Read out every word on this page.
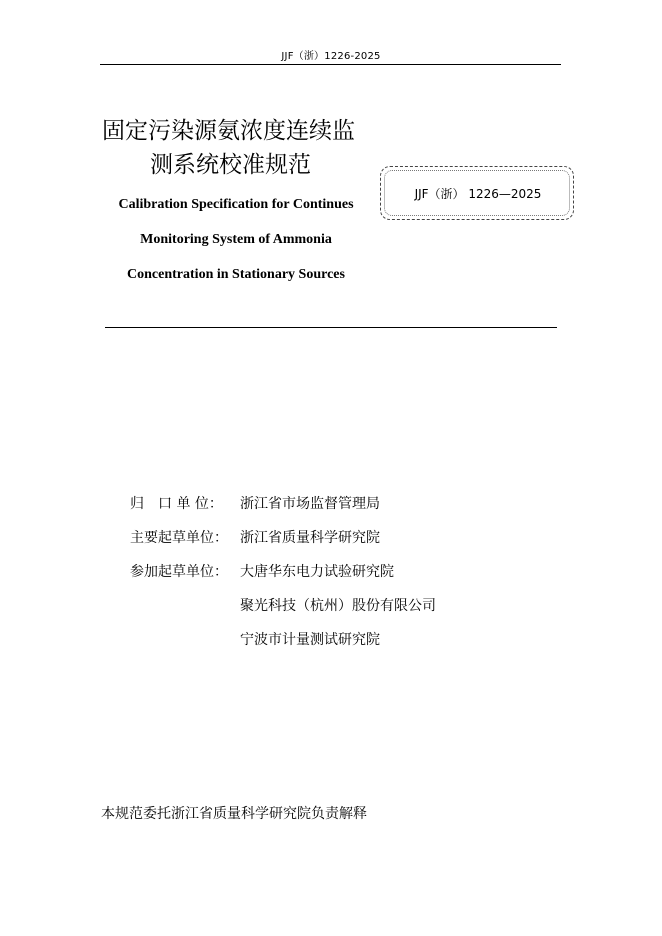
JJF（浙）1226-2025
固定污染源氨浓度连续监
测系统校准规范
Calibration Specification for Continues
Monitoring System of Ammonia
Concentration in Stationary Sources
JJF（浙） 1226—2025
归　口 单 位：	浙江省市场监督管理局
主要起草单位： 浙江省质量科学研究院
参加起草单位： 大唐华东电力试验研究院
聚光科技（杭州）股份有限公司
宁波市计量测试研究院
本规范委托浙江省质量科学研究院负责解释
